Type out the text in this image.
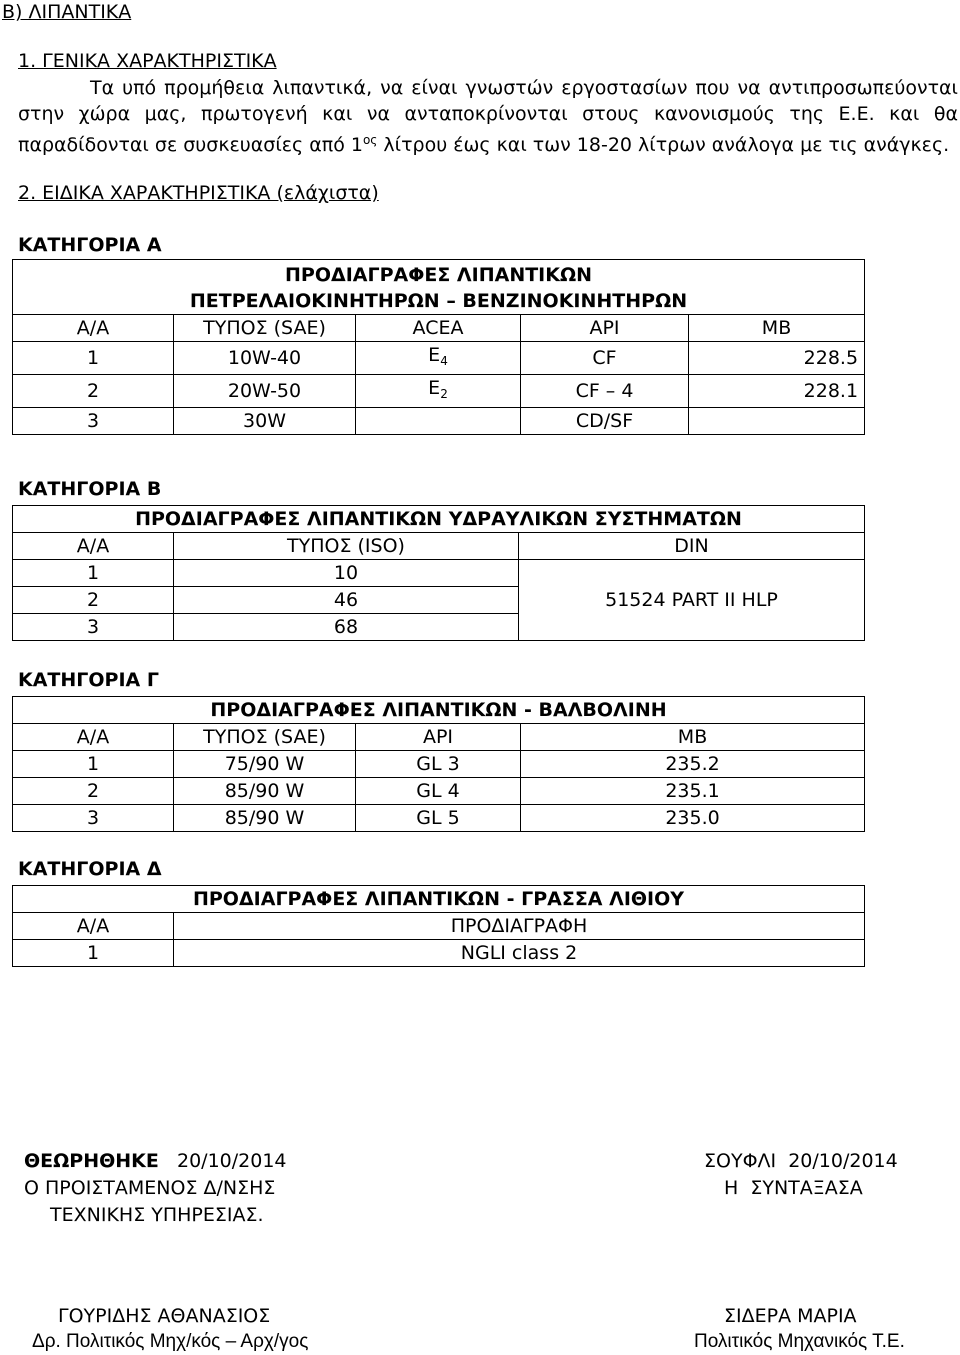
Β) ΛΙΠΑΝΤΙΚΑ
1. ΓΕΝΙΚΑ ΧΑΡΑΚΤΗΡΙΣΤΙΚΑ
Τα υπό προμήθεια λιπαντικά, να είναι γνωστών εργοστασίων που να αντιπροσωπεύονται στην χώρα μας, πρωτογενή και να ανταποκρίνονται στους κανονισμούς της Ε.Ε. και θα παραδίδονται σε συσκευασίες από $1^{o\varsigma}$ λίτρου έως και των 18-20 λίτρων ανάλογα με τις ανάγκες.
2. ΕΙΔΙΚΑ ΧΑΡΑΚΤΗΡΙΣΤΙΚΑ (ελάχιστα)
ΚΑΤΗΓΟΡΙΑ Α
ΠΡΟΔΙΑΓΡΑΦΕΣ ΛΙΠΑΝΤΙΚΩΝ
ΠΕΤΡΕΛΑΙΟΚΙΝΗΤΗΡΩΝ – ΒΕΝΖΙΝΟΚΙΝΗΤΗΡΩΝ				

Α/Α	ΤΥΠΟΣ (SAE)	ACEA	API	MB
1	10W-40	$E_4$	CF	228.5
2	20W-50	$E_2$	CF – 4	228.1
3	30W		CD/SF	
ΚΑΤΗΓΟΡΙΑ Β
ΠΡΟΔΙΑΓΡΑΦΕΣ ΛΙΠΑΝΤΙΚΩΝ ΥΔΡΑΥΛΙΚΩΝ ΣΥΣΤΗΜΑΤΩΝ		
Α/Α	ΤΥΠΟΣ (ISO)	DIN
1	10	51524 PART II HLP
2	46	
3	68	
ΚΑΤΗΓΟΡΙΑ Γ
ΠΡΟΔΙΑΓΡΑΦΕΣ ΛΙΠΑΝΤΙΚΩΝ - ΒΑΛΒΟΛΙΝΗ			
Α/Α	ΤΥΠΟΣ (SAE)	API	MB
1	75/90 W	GL 3	235.2
2	85/90 W	GL 4	235.1
3	85/90 W	GL 5	235.0
ΚΑΤΗΓΟΡΙΑ Δ
ΠΡΟΔΙΑΓΡΑΦΕΣ ΛΙΠΑΝΤΙΚΩΝ - ΓΡΑΣΣΑ ΛΙΘΙΟΥ	
Α/Α	ΠΡΟΔΙΑΓΡΑΦΗ
1	NGLI class 2
ΘΕΩΡΗΘΗΚΕ 20/10/2014
Ο ΠΡΟΙΣΤΑΜΕΝΟΣ Δ/ΝΣΗΣ
ΤΕΧΝΙΚΗΣ ΥΠΗΡΕΣΙΑΣ.
ΣΟΥΦΛΙ 20/10/2014
Η ΣΥΝΤΑΞΑΣΑ
ΓΟΥΡΙΔΗΣ ΑΘΑΝΑΣΙΟΣ
Δρ. Πολιτικός Μηχ/κός – Αρχ/γος
ΣΙΔΕΡΑ ΜΑΡΙΑ
Πολιτικός Μηχανικός Τ.Ε.
